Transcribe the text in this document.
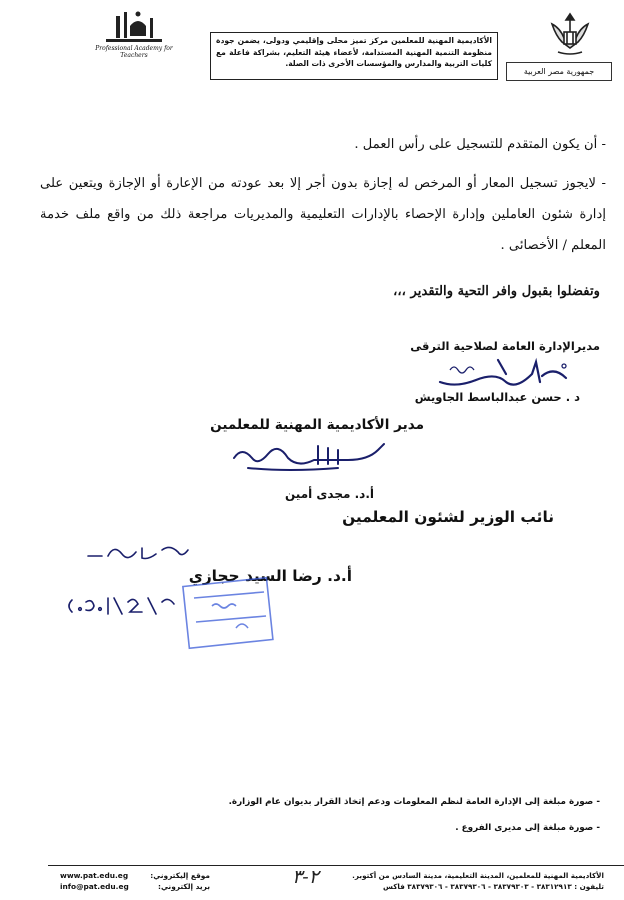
جمهورية مصر العربية
الأكاديمية المهنية للمعلمين مركز تميز محلى وإقليمي ودولى، يضمن جودة منظومة التنمية المهنية المستدامة، لأعضاء هيئة التعليم، بشراكة فاعلة مع كليات التربية والمدارس والمؤسسات الأخرى ذات الصلة.
Professional Academy for Teachers
- أن يكون المتقدم للتسجيل على رأس العمل .
- لايجوز تسجيل المعار أو المرخص له إجازة بدون أجر إلا بعد عودته من الإعارة أو الإجازة ويتعين على إدارة شئون العاملين وإدارة الإحصاء بالإدارات التعليمية والمديريات مراجعة ذلك من واقع ملف خدمة المعلم / الأخصائى .
وتفضلوا بقبول وافر التحية والتقدير ،،،
مديرالإدارة العامة لصلاحية الترقى
د . حسن عبدالباسط الجاويش
مدير الأكاديمية المهنية للمعلمين
أ.د. مجدى أمين
نائب الوزير لشئون المعلمين
أ.د. رضا السيد حجازي
- صورة مبلغة إلى الإدارة العامة لنظم المعلومات ودعم إتخاذ القرار بديوان عام الوزارة.
- صورة مبلغة إلى مديرى الفروع .
الأكاديمية المهنية للمعلمين، المدينة التعليمية، مدينة السادس من أكتوبر.
تليفون : ٣٨٣١٢٩١٣ - ٣٨٣٧٩٣٠٣ - ٣٨٣٧٩٣٠٦ - ٣٨٣٧٩٣٠٦ فاكس
٢-٣
www.pat.edu.eg	موقع إليكتروني:
info@pat.edu.eg	بريد إلكتروني:
